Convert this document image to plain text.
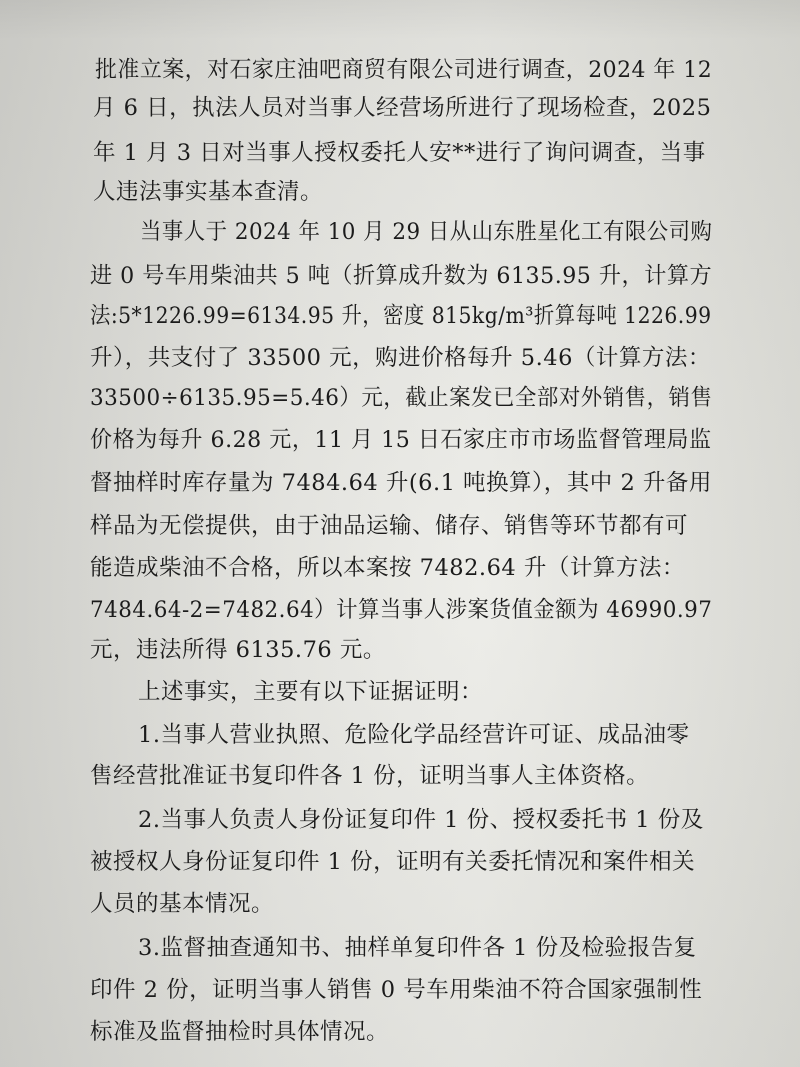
批准立案，对石家庄油吧商贸有限公司进行调查，2024 年 12
月 6 日，执法人员对当事人经营场所进行了现场检查，2025
年 1 月 3 日对当事人授权委托人安**进行了询问调查，当事
人违法事实基本查清。
当事人于 2024 年 10 月 29 日从山东胜星化工有限公司购
进 0 号车用柴油共 5 吨（折算成升数为 6135.95 升，计算方
法:5*1226.99=6134.95 升，密度 815kg/m³折算每吨 1226.99
升），共支付了 33500 元，购进价格每升 5.46（计算方法：
33500÷6135.95=5.46）元，截止案发已全部对外销售，销售
价格为每升 6.28 元，11 月 15 日石家庄市市场监督管理局监
督抽样时库存量为 7484.64 升(6.1 吨换算），其中 2 升备用
样品为无偿提供，由于油品运输、储存、销售等环节都有可
能造成柴油不合格，所以本案按 7482.64 升（计算方法：
7484.64-2=7482.64）计算当事人涉案货值金额为 46990.97
元，违法所得 6135.76 元。
上述事实，主要有以下证据证明：
1.当事人营业执照、危险化学品经营许可证、成品油零
售经营批准证书复印件各 1 份，证明当事人主体资格。
2.当事人负责人身份证复印件 1 份、授权委托书 1 份及
被授权人身份证复印件 1 份，证明有关委托情况和案件相关
人员的基本情况。
3.监督抽查通知书、抽样单复印件各 1 份及检验报告复
印件 2 份，证明当事人销售 0 号车用柴油不符合国家强制性
标准及监督抽检时具体情况。
